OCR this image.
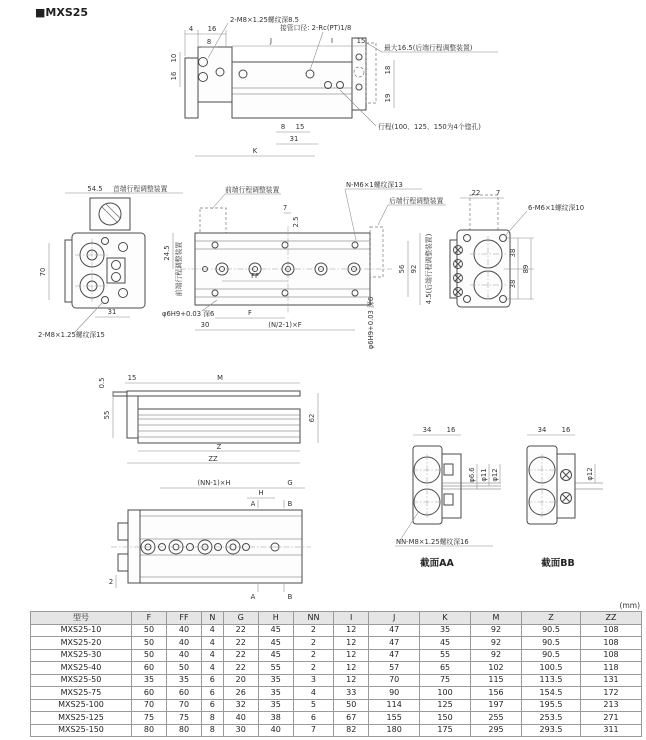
■MXS25
4 16
8
10
16
J	I	15
18
19
8 15
31
K
2-M8×1.25螺纹深8.5
接管口径: 2-Rc(PT)1/8
最大16.5(后端行程调整装置)
行程(100、125、150为4个锪孔)
54.5 首端行程调整装置
70
31
2-M8×1.25螺纹深15
前端行程调整装置
N-M6×1螺纹深13
后端行程调整装置
7
2.5
24.5 前端行程调整装置	FF
F
30	(N/2-1)×F
56 92 4.5(后端行程调整装置)
φ6H9+0.03 深6	φ6H9+0.03 深6
22 7
6-M6×1螺纹深10
38
38
89
0.5	15	M
55	62
Z
ZZ
(NN-1)×H	G
H
A	B
A	B
2
φ6.6 φ11 φ12
34 16
NN-M8×1.25螺纹深16
截面AA
φ12
34 16
截面BB
(mm)
型号	F	FF	N	G	H	NN	I	J	K	M	Z	ZZ
MXS25-10	50	40	4	22	45	2	12	47	35	92	90.5	108
MXS25-20	50	40	4	22	45	2	12	47	45	92	90.5	108
MXS25-30	50	40	4	22	45	2	12	47	55	92	90.5	108
MXS25-40	60	50	4	22	55	2	12	57	65	102	100.5	118
MXS25-50	35	35	6	20	35	3	12	70	75	115	113.5	131
MXS25-75	60	60	6	26	35	4	33	90	100	156	154.5	172
MXS25-100	70	70	6	32	35	5	50	114	125	197	195.5	213
MXS25-125	75	75	8	40	38	6	67	155	150	255	253.5	271
MXS25-150	80	80	8	30	40	7	82	180	175	295	293.5	311
